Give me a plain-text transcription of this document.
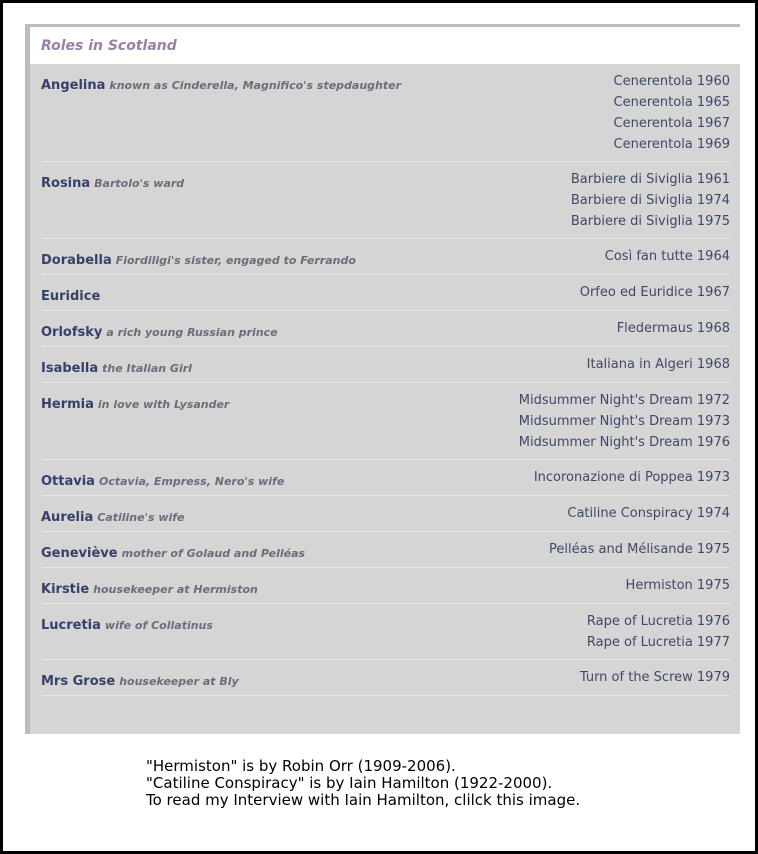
Roles in Scotland
Angelina known as Cinderella, Magnifico's stepdaughter	Cenerentola 1960
Cenerentola 1965
Cenerentola 1967
Cenerentola 1969
Rosina Bartolo's ward	Barbiere di Siviglia 1961
Barbiere di Siviglia 1974
Barbiere di Siviglia 1975
Dorabella Fiordiligi's sister, engaged to Ferrando	Così fan tutte 1964
Euridice	Orfeo ed Euridice 1967
Orlofsky a rich young Russian prince	Fledermaus 1968
Isabella the Italian Girl	Italiana in Algeri 1968
Hermia in love with Lysander	Midsummer Night's Dream 1972
Midsummer Night's Dream 1973
Midsummer Night's Dream 1976
Ottavia Octavia, Empress, Nero's wife	Incoronazione di Poppea 1973
Aurelia Catiline's wife	Catiline Conspiracy 1974
Geneviève mother of Golaud and Pelléas	Pelléas and Mélisande 1975
Kirstie housekeeper at Hermiston	Hermiston 1975
Lucretia wife of Collatinus	Rape of Lucretia 1976
Rape of Lucretia 1977
Mrs Grose housekeeper at Bly	Turn of the Screw 1979
"Hermiston" is by Robin Orr (1909-2006).
"Catiline Conspiracy" is by Iain Hamilton (1922-2000).
To read my Interview with Iain Hamilton, clilck this image.
